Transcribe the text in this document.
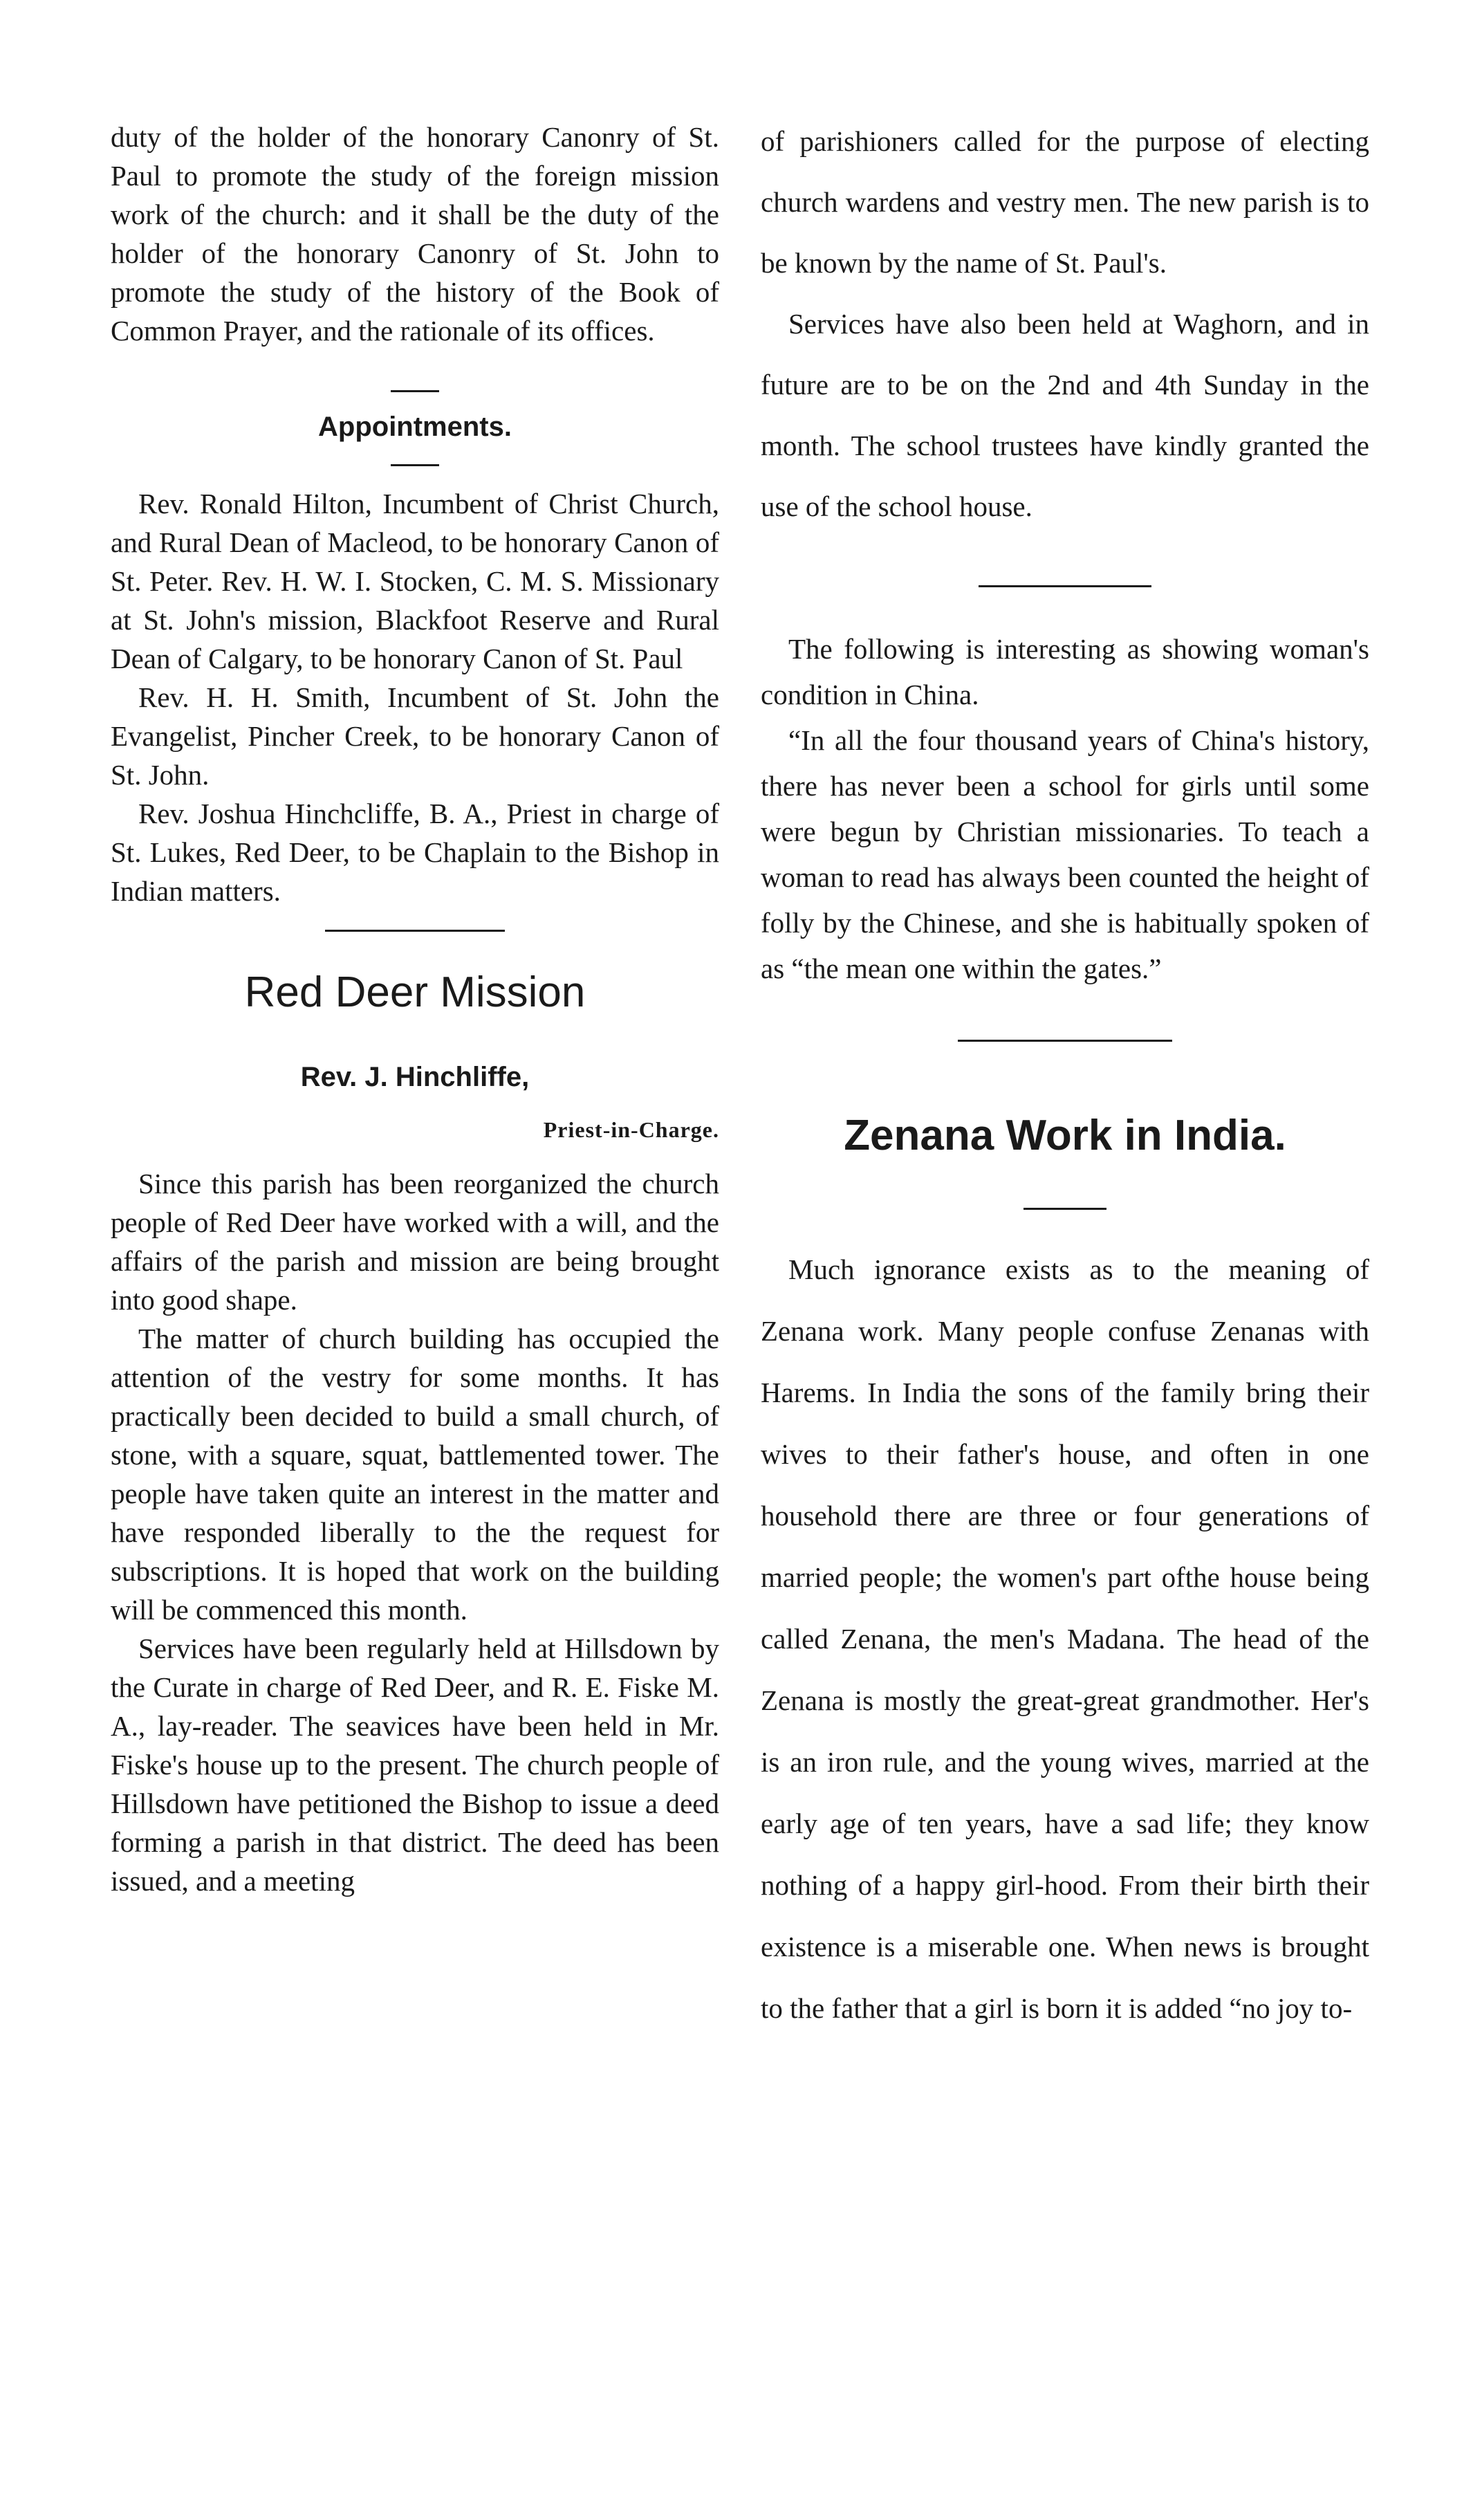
duty of the holder of the honorary Canonry of St. Paul to promote the study of the foreign mission work of the church: and it shall be the duty of the holder of the honorary Canonry of St. John to promote the study of the history of the Book of Common Prayer, and the rationale of its offices.

Appointments.

Rev. Ronald Hilton, Incumbent of Christ Church, and Rural Dean of Macleod, to be honorary Canon of St. Peter. Rev. H. W. I. Stocken, C. M. S. Missionary at St. John's mission, Blackfoot Reserve and Rural Dean of Calgary, to be honorary Canon of St. Paul

Rev. H. H. Smith, Incumbent of St. John the Evangelist, Pincher Creek, to be honorary Canon of St. John.

Rev. Joshua Hinchcliffe, B. A., Priest in charge of St. Lukes, Red Deer, to be Chaplain to the Bishop in Indian matters.

Red Deer Mission

Rev. J. Hinchliffe,

Priest-in-Charge.

Since this parish has been reorganized the church people of Red Deer have worked with a will, and the affairs of the parish and mission are being brought into good shape.

The matter of church building has occupied the attention of the vestry for some months. It has practically been decided to build a small church, of stone, with a square, squat, battlemented tower. The people have taken quite an interest in the matter and have responded liberally to the the request for subscriptions. It is hoped that work on the building will be commenced this month.

Services have been regularly held at Hillsdown by the Curate in charge of Red Deer, and R. E. Fiske M. A., lay-reader. The seavices have been held in Mr. Fiske's house up to the present. The church people of Hillsdown have petitioned the Bishop to issue a deed forming a parish in that district. The deed has been issued, and a meeting

of parishioners called for the purpose of electing church wardens and vestry men. The new parish is to be known by the name of St. Paul's.

Services have also been held at Waghorn, and in future are to be on the 2nd and 4th Sunday in the month. The school trustees have kindly granted the use of the school house.

The following is interesting as showing woman's condition in China.

“In all the four thousand years of China's history, there has never been a school for girls until some were begun by Christian missionaries. To teach a woman to read has always been counted the height of folly by the Chinese, and she is habitually spoken of as “the mean one within the gates.”

Zenana Work in India.

Much ignorance exists as to the meaning of Zenana work. Many people confuse Zenanas with Harems. In India the sons of the family bring their wives to their father's house, and often in one household there are three or four generations of married people; the women's part ofthe house being called Zenana, the men's Madana. The head of the Zenana is mostly the great-great grandmother. Her's is an iron rule, and the young wives, married at the early age of ten years, have a sad life; they know nothing of a happy girl-hood. From their birth their existence is a miserable one. When news is brought to the father that a girl is born it is added “no joy to-
